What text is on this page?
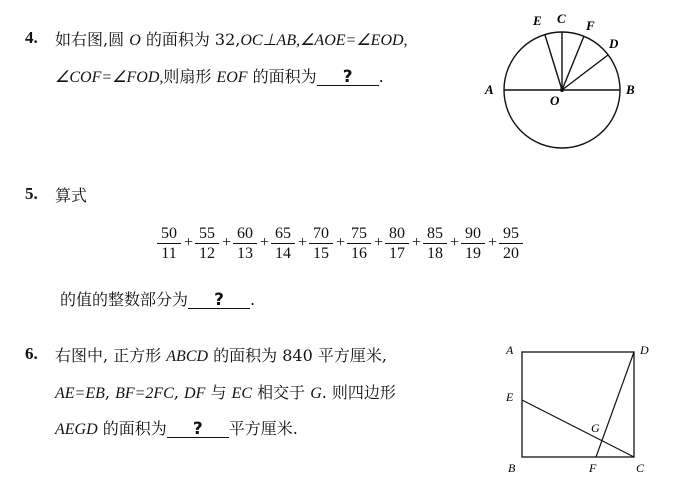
4. 如右图,圆 O 的面积为 32,OC⊥AB,∠AOE=∠EOD,
∠COF=∠FOD,则扇形 EOF 的面积为 ? .
E C F
D
A	B
O
5. 算式
$\frac{50}{11} + \frac{55}{12} + \frac{60}{13} + \frac{65}{14} + \frac{70}{15} + \frac{75}{16} + \frac{80}{17} + \frac{85}{18} + \frac{90}{19} + \frac{95}{20}$
的值的整数部分为 ? .
6. 右图中, 正方形 ABCD 的面积为 840 平方厘米,
AE=EB, BF=2FC, DF 与 EC 相交于 G. 则四边形
AEGD 的面积为 ? 平方厘米.
A	D
E
G
B	F	C
